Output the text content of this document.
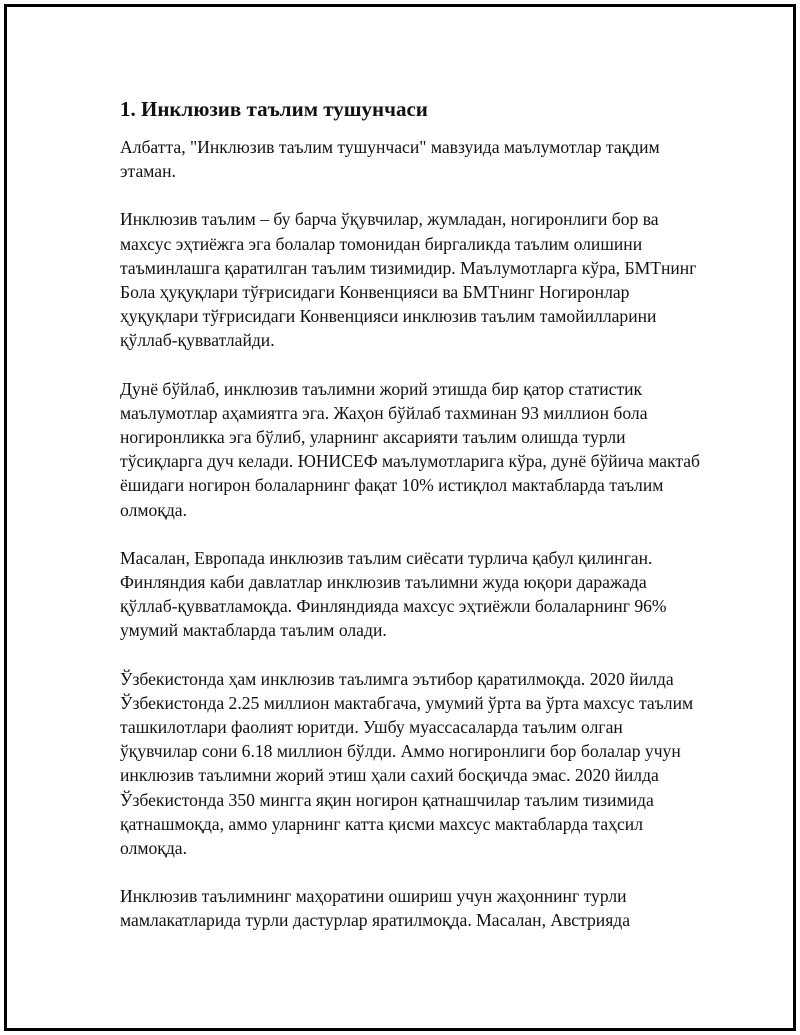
1. Инклюзив таълим тушунчаси

Албатта, "Инклюзив таълим тушунчаси" мавзуида маълумотлар тақдим этаман.

Инклюзив таълим – бу барча ўқувчилар, жумладан, ногиронлиги бор ва махсус эҳтиёжга эга болалар томонидан биргаликда таълим олишини таъминлашга қаратилган таълим тизимидир. Маълумотларга кўра, БМТнинг Бола ҳуқуқлари тўғрисидаги Конвенцияси ва БМТнинг Ногиронлар ҳуқуқлари тўғрисидаги Конвенцияси инклюзив таълим тамойилларини қўллаб-қувватлайди.

Дунё бўйлаб, инклюзив таълимни жорий этишда бир қатор статистик маълумотлар аҳамиятга эга. Жаҳон бўйлаб тахминан 93 миллион бола ногиронликка эга бўлиб, уларнинг аксарияти таълим олишда турли тўсиқларга дуч келади. ЮНИСЕФ маълумотларига кўра, дунё бўйича мактаб ёшидаги ногирон болаларнинг фақат 10% истиқлол мактабларда таълим олмоқда.

Масалан, Европада инклюзив таълим сиёсати турлича қабул қилинган. Финляндия каби давлатлар инклюзив таълимни жуда юқори даражада қўллаб-қувватламоқда. Финляндияда махсус эҳтиёжли болаларнинг 96% умумий мактабларда таълим олади.

Ўзбекистонда ҳам инклюзив таълимга эътибор қаратилмоқда. 2020 йилда Ўзбекистонда 2.25 миллион мактабгача, умумий ўрта ва ўрта махсус таълим ташкилотлари фаолият юритди. Ушбу муассасаларда таълим олган ўқувчилар сони 6.18 миллион бўлди. Аммо ногиронлиги бор болалар учун инклюзив таълимни жорий этиш ҳали сахий босқичда эмас. 2020 йилда Ўзбекистонда 350 мингга яқин ногирон қатнашчилар таълим тизимида қатнашмоқда, аммо уларнинг катта қисми махсус мактабларда таҳсил олмоқда.

Инклюзив таълимнинг маҳоратини ошириш учун жаҳоннинг турли мамлакатларида турли дастурлар яратилмоқда. Масалан, Австрияда
